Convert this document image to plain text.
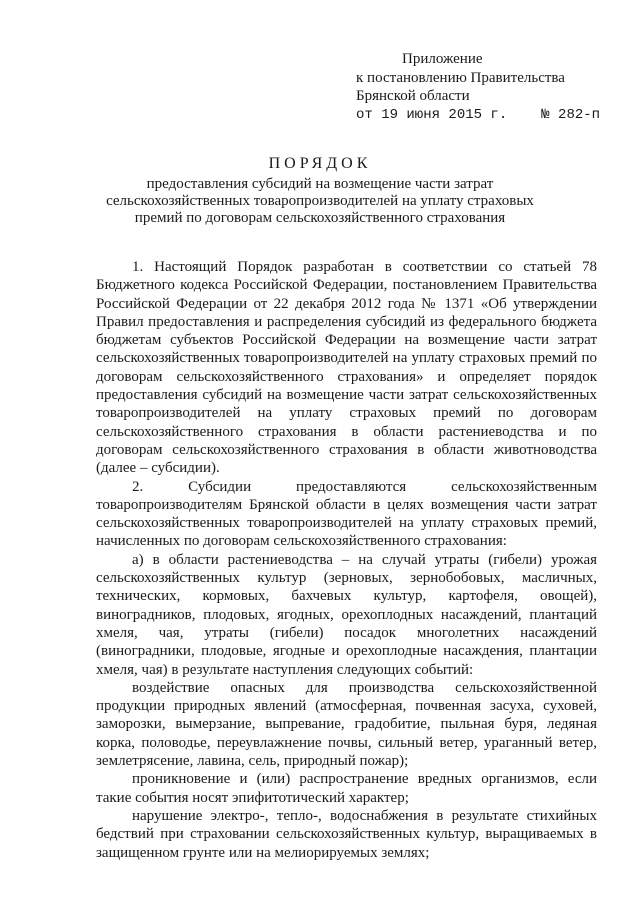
Приложение
к постановлению Правительства
Брянской области
от 19 июня 2015 г. № 282-п
ПОРЯДОК
предоставления субсидий на возмещение части затрат сельскохозяйственных товаропроизводителей на уплату страховых премий по договорам сельскохозяйственного страхования

1. Настоящий Порядок разработан в соответствии со статьей 78 Бюджетного кодекса Российской Федерации, постановлением Правительства Российской Федерации от 22 декабря 2012 года № 1371 «Об утверждении Правил предоставления и распределения субсидий из федерального бюджета бюджетам субъектов Российской Федерации на возмещение части затрат сельскохозяйственных товаропроизводителей на уплату страховых премий по договорам сельскохозяйственного страхования» и определяет порядок предоставления субсидий на возмещение части затрат сельскохозяйственных товаропроизводителей на уплату страховых премий по договорам сельскохозяйственного страхования в области растениеводства и по договорам сельскохозяйственного страхования в области животноводства (далее – субсидии).

2. Субсидии предоставляются сельскохозяйственным товаропроизводителям Брянской области в целях возмещения части затрат сельскохозяйственных товаропроизводителей на уплату страховых премий, начисленных по договорам сельскохозяйственного страхования:

а) в области растениеводства – на случай утраты (гибели) урожая сельскохозяйственных культур (зерновых, зернобобовых, масличных, технических, кормовых, бахчевых культур, картофеля, овощей), виноградников, плодовых, ягодных, орехоплодных насаждений, плантаций хмеля, чая, утраты (гибели) посадок многолетних насаждений (виноградники, плодовые, ягодные и орехоплодные насаждения, плантации хмеля, чая) в результате наступления следующих событий:

воздействие опасных для производства сельскохозяйственной продукции природных явлений (атмосферная, почвенная засуха, суховей, заморозки, вымерзание, выпревание, градобитие, пыльная буря, ледяная корка, половодье, переувлажнение почвы, сильный ветер, ураганный ветер, землетрясение, лавина, сель, природный пожар);

проникновение и (или) распространение вредных организмов, если такие события носят эпифитотический характер;

нарушение электро-, тепло-, водоснабжения в результате стихийных бедствий при страховании сельскохозяйственных культур, выращиваемых в защищенном грунте или на мелиорируемых землях;
